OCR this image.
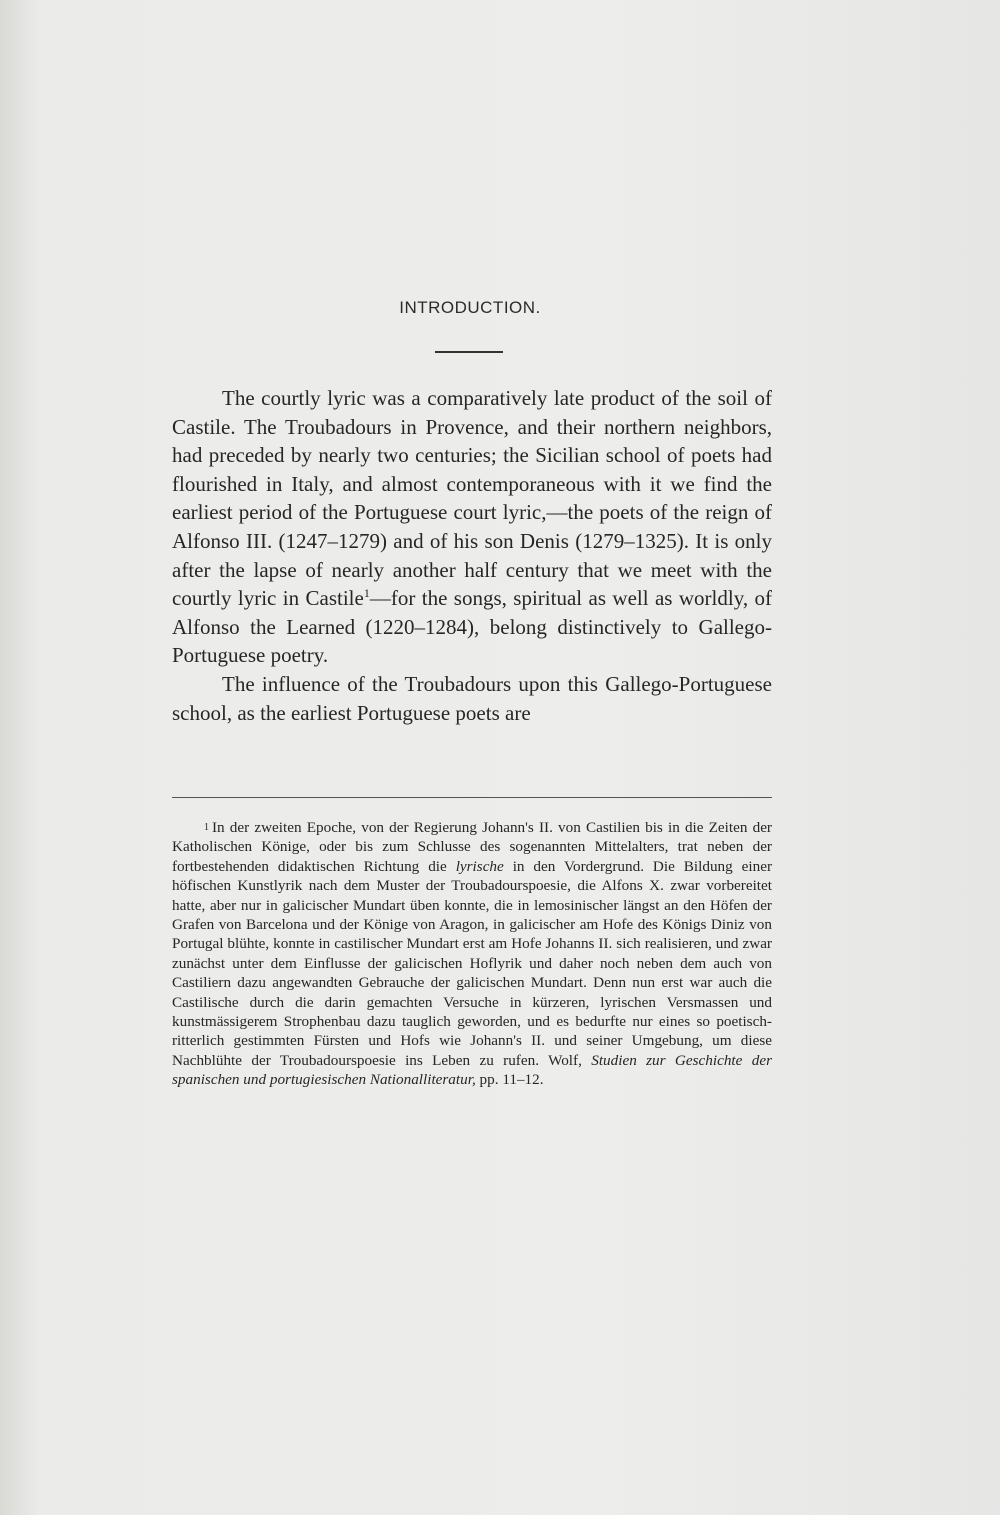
INTRODUCTION.

The courtly lyric was a comparatively late product of the soil of Castile. The Troubadours in Provence, and their northern neighbors, had preceded by nearly two centuries; the Sicilian school of poets had flourished in Italy, and almost contemporaneous with it we find the earliest period of the Portuguese court lyric,—the poets of the reign of Alfonso III. (1247–1279) and of his son Denis (1279–1325). It is only after the lapse of nearly another half century that we meet with the courtly lyric in Castile$^1$—for the songs, spiritual as well as worldly, of Alfonso the Learned (1220–1284), belong distinctively to Gallego-Portuguese poetry.

The influence of the Troubadours upon this Gallego-Portuguese school, as the earliest Portuguese poets are

1 In der zweiten Epoche, von der Regierung Johann's II. von Castilien bis in die Zeiten der Katholischen Könige, oder bis zum Schlusse des sogenannten Mittelalters, trat neben der fortbestehenden didaktischen Richtung die lyrische in den Vordergrund. Die Bildung einer höfischen Kunstlyrik nach dem Muster der Troubadourspoesie, die Alfons X. zwar vorbereitet hatte, aber nur in galicischer Mundart üben konnte, die in lemosinischer längst an den Höfen der Grafen von Barcelona und der Könige von Aragon, in galicischer am Hofe des Königs Diniz von Portugal blühte, konnte in castilischer Mundart erst am Hofe Johanns II. sich realisieren, und zwar zunächst unter dem Einflusse der galicischen Hoflyrik und daher noch neben dem auch von Castiliern dazu angewandten Gebrauche der galicischen Mundart. Denn nun erst war auch die Castilische durch die darin gemachten Versuche in kürzeren, lyrischen Versmassen und kunstmässigerem Strophenbau dazu tauglich geworden, und es bedurfte nur eines so poetisch-ritterlich gestimmten Fürsten und Hofs wie Johann's II. und seiner Umgebung, um diese Nachblühte der Troubadourspoesie ins Leben zu rufen. Wolf, Studien zur Geschichte der spanischen und portugiesischen Nationalliteratur, pp. 11–12.
